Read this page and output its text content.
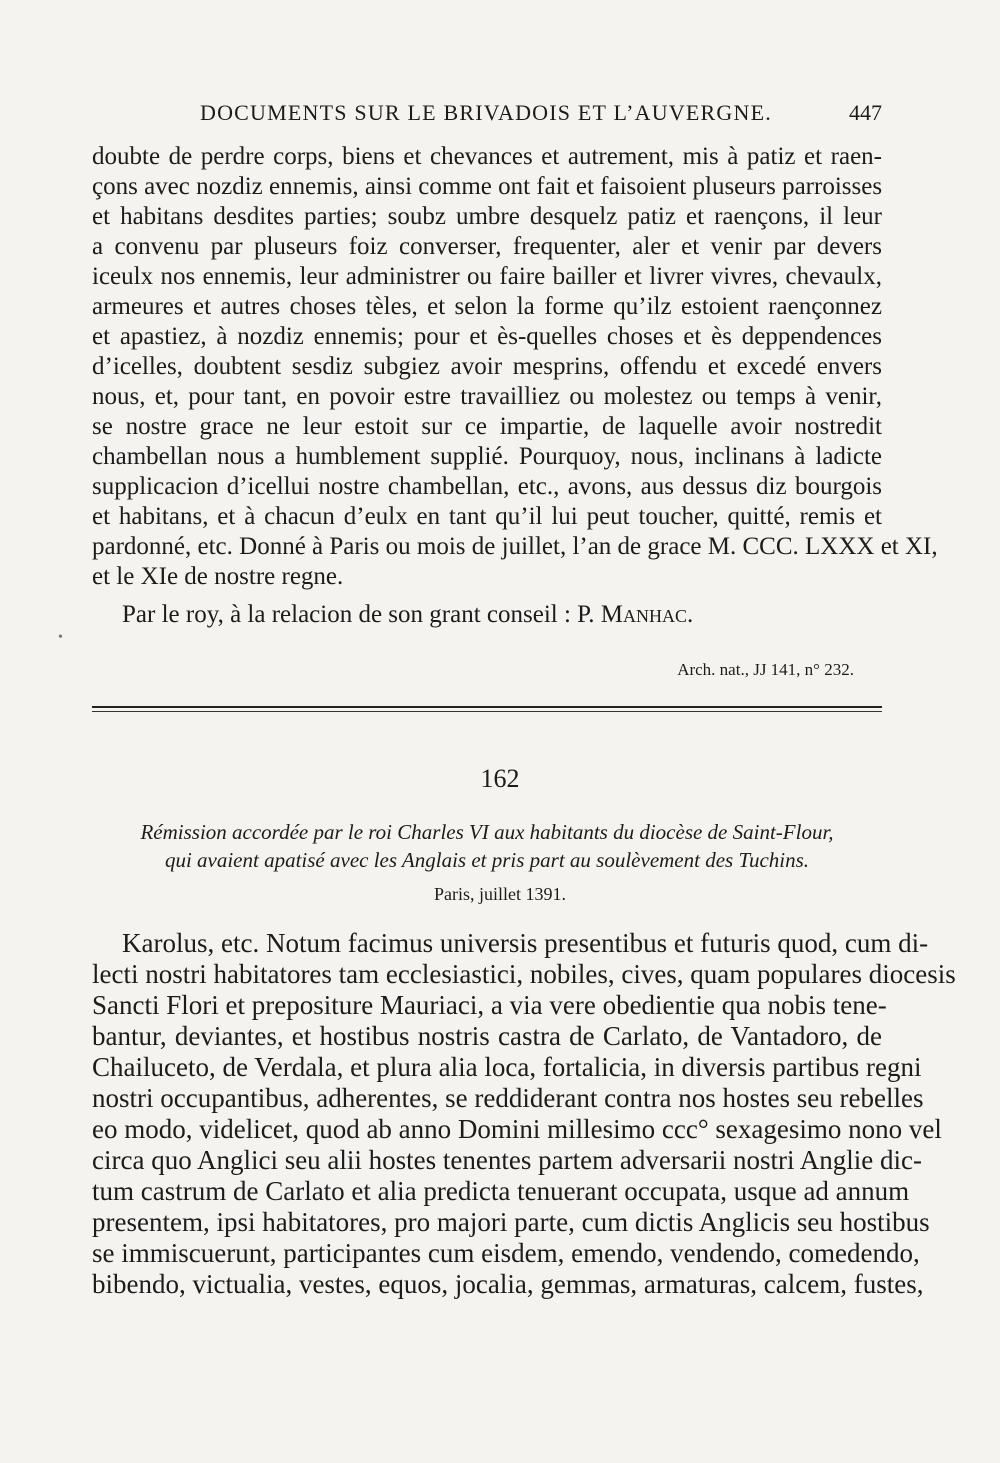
DOCUMENTS SUR LE BRIVADOIS ET L’AUVERGNE.	447
doubte de perdre corps, biens et chevances et autrement, mis à patiz et raen-
çons avec nozdiz ennemis, ainsi comme ont fait et faisoient pluseurs parroisses
et habitans desdites parties; soubz umbre desquelz patiz et raençons, il leur
a convenu par pluseurs foiz converser, frequenter, aler et venir par devers
iceulx nos ennemis, leur administrer ou faire bailler et livrer vivres, chevaulx,
armeures et autres choses tèles, et selon la forme qu’ilz estoient raençonnez
et apastiez, à nozdiz ennemis; pour et ès-quelles choses et ès deppendences
d’icelles, doubtent sesdiz subgiez avoir mesprins, offendu et excedé envers
nous, et, pour tant, en povoir estre travailliez ou molestez ou temps à venir,
se nostre grace ne leur estoit sur ce impartie, de laquelle avoir nostredit
chambellan nous a humblement supplié. Pourquoy, nous, inclinans à ladicte
supplicacion d’icellui nostre chambellan, etc., avons, aus dessus diz bourgois
et habitans, et à chacun d’eulx en tant qu’il lui peut toucher, quitté, remis et
pardonné, etc. Donné à Paris ou mois de juillet, l’an de grace M. CCC. LXXX et XI,
et le XIe de nostre regne.
•
Par le roy, à la relacion de son grant conseil : P. Manhac.
Arch. nat., JJ 141, n° 232.
162
Rémission accordée par le roi Charles VI aux habitants du diocèse de Saint-Flour,
qui avaient apatisé avec les Anglais et pris part au soulèvement des Tuchins.
Paris, juillet 1391.
Karolus, etc. Notum facimus universis presentibus et futuris quod, cum di-
lecti nostri habitatores tam ecclesiastici, nobiles, cives, quam populares diocesis
Sancti Flori et prepositure Mauriaci, a via vere obedientie qua nobis tene-
bantur, deviantes, et hostibus nostris castra de Carlato, de Vantadoro, de
Chailuceto, de Verdala, et plura alia loca, fortalicia, in diversis partibus regni
nostri occupantibus, adherentes, se reddiderant contra nos hostes seu rebelles
eo modo, videlicet, quod ab anno Domini millesimo ccc° sexagesimo nono vel
circa quo Anglici seu alii hostes tenentes partem adversarii nostri Anglie dic-
tum castrum de Carlato et alia predicta tenuerant occupata, usque ad annum
presentem, ipsi habitatores, pro majori parte, cum dictis Anglicis seu hostibus
se immiscuerunt, participantes cum eisdem, emendo, vendendo, comedendo,
bibendo, victualia, vestes, equos, jocalia, gemmas, armaturas, calcem, fustes,
